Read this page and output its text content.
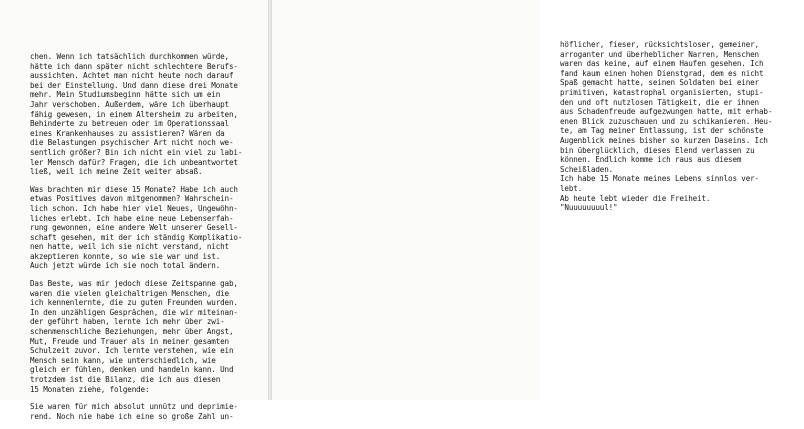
chen. Wenn ich tatsächlich durchkommen würde,
hätte ich dann später nicht schlechtere Berufs-
aussichten. Achtet man nicht heute noch darauf
bei der Einstellung. Und dann diese drei Monate
mehr. Mein Studiumsbeginn hätte sich um ein
Jahr verschoben. Außerdem, wäre ich überhaupt
fähig gewesen, in einem Altersheim zu arbeiten,
Behinderte zu betreuen oder im Operationssaal
eines Krankenhauses zu assistieren? Wären da
die Belastungen psychischer Art nicht noch we-
sentlich größer? Bin ich nicht ein viel zu labi-
ler Mensch dafür? Fragen, die ich unbeantwortet
ließ, weil ich meine Zeit weiter absaß.
Was brachten mir diese 15 Monate? Habe ich auch
etwas Positives davon mitgenommen? Wahrschein-
lich schon. Ich habe hier viel Neues, Ungewöhn-
liches erlebt. Ich habe eine neue Lebenserfah-
rung gewonnen, eine andere Welt unserer Gesell-
schaft gesehen, mit der ich ständig Komplikatio-
nen hatte, weil ich sie nicht verstand, nicht
akzeptieren konnte, so wie sie war und ist.
Auch jetzt würde ich sie noch total ändern.
Das Beste, was mir jedoch diese Zeitspanne gab,
waren die vielen gleichaltrigen Menschen, die
ich kennenlernte, die zu guten Freunden wurden.
In den unzähligen Gesprächen, die wir miteinan-
der geführt haben, lernte ich mehr über zwi-
schenmenschliche Beziehungen, mehr über Angst,
Mut, Freude und Trauer als in meiner gesamten
Schulzeit zuvor. Ich lernte verstehen, wie ein
Mensch sein kann, wie unterschiedlich, wie
gleich er fühlen, denken und handeln kann. Und
trotzdem ist die Bilanz, die ich aus diesen
15 Monaten ziehe, folgende:
Sie waren für mich absolut unnütz und deprimie-
rend. Noch nie habe ich eine so große Zahl un-
höflicher, fieser, rücksichtsloser, gemeiner,
arroganter und überheblicher Narren, Menschen
waren das keine, auf einem Haufen gesehen. Ich
fand kaum einen hohen Dienstgrad, dem es nicht
Spaß gemacht hatte, seinen Soldaten bei einer
primitiven, katastrophal organisierten, stupi-
den und oft nutzlosen Tätigkeit, die er ihnen
aus Schadenfreude aufgezwungen hatte, mit erhab-
enen Blick zuzuschauen und zu schikanieren. Heu-
te, am Tag meiner Entlassung, ist der schönste
Augenblick meines bisher so kurzen Daseins. Ich
bin überglücklich, dieses Elend verlassen zu
können. Endlich komme ich raus aus diesem
Scheißladen.
Ich habe 15 Monate meines Lebens sinnlos ver-
lebt.
Ab heute lebt wieder die Freiheit.
"Nuuuuuuuul!"
